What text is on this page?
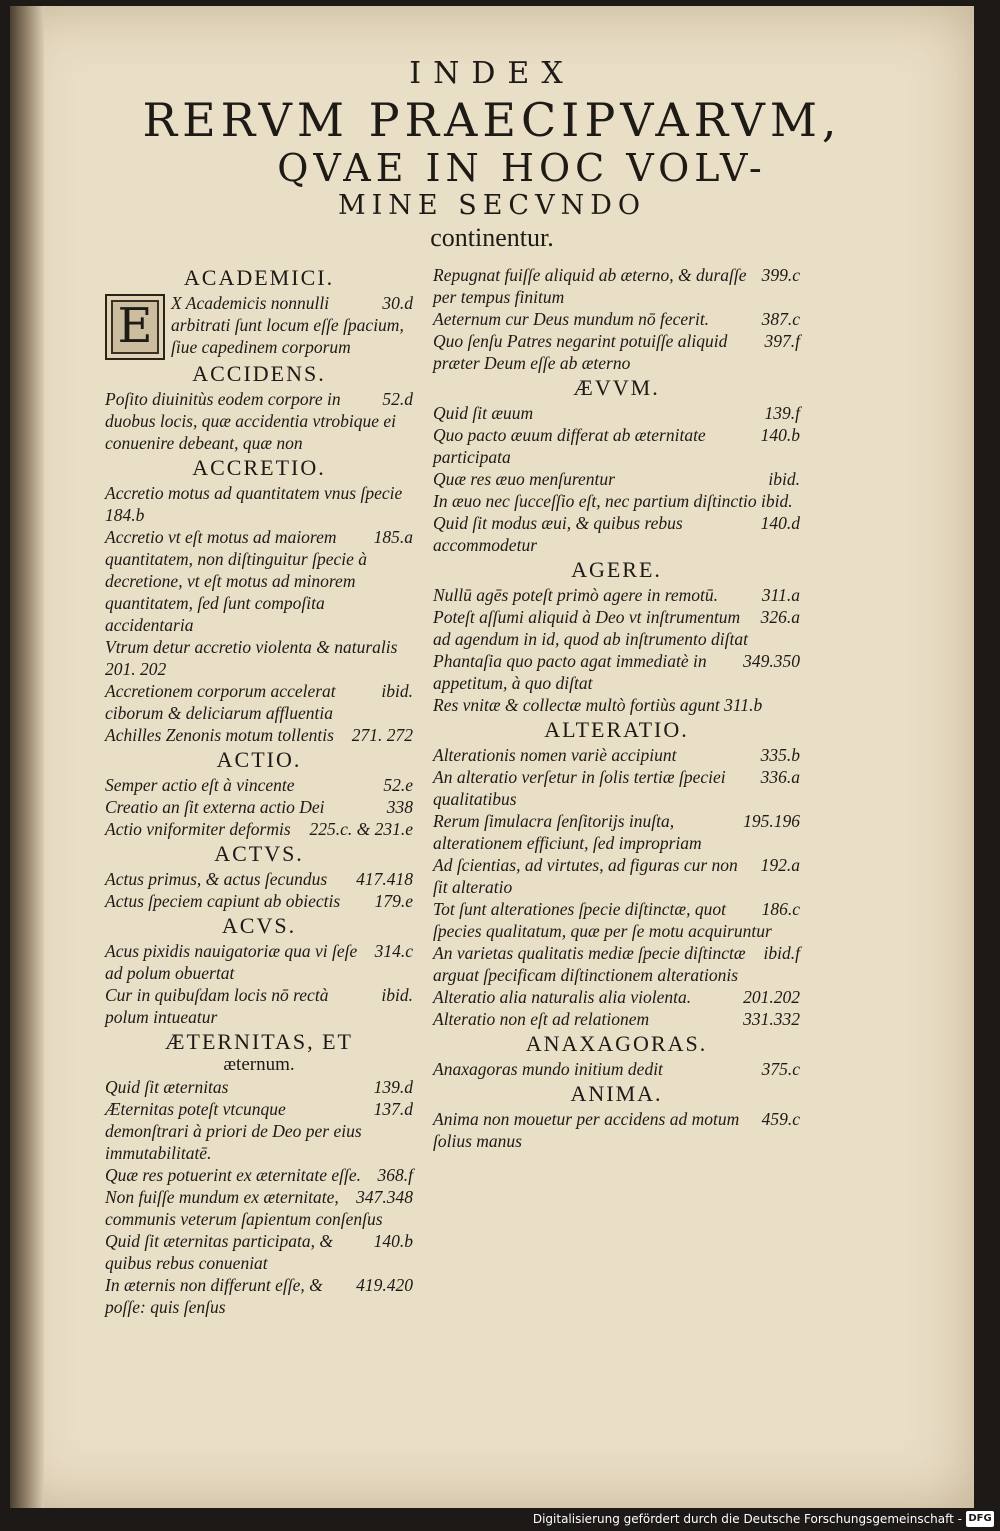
INDEX
RERVM PRAECIPVARVM,
QVAE IN HOC VOLV-
MINE SECVNDO
continentur.
ACADEMICI.
E	30.d
X Academicis nonnulli arbitrati ſunt locum eſſe ſpacium, ſiue capedinem corporum
ACCIDENS.
52.d
Poſito diuinitùs eodem corpore in duobus locis, quæ accidentia vtrobique ei conuenire debeant, quæ non
ACCRETIO.
Accretio motus ad quantitatem vnus ſpecie 184.b
185.a
Accretio vt eſt motus ad maiorem quantitatem, non diſtinguitur ſpecie à decretione, vt eſt motus ad minorem quantitatem, ſed ſunt compoſita accidentaria
Vtrum detur accretio violenta & naturalis 201. 202
ibid.
Accretionem corporum accelerat ciborum & deliciarum affluentia
271. 272
Achilles Zenonis motum tollentis
ACTIO.
52.e
Semper actio eſt à vincente
338
Creatio an ſit externa actio Dei
225.c. & 231.e
Actio vniformiter deformis
ACTVS.
417.418
Actus primus, & actus ſecundus
179.e
Actus ſpeciem capiunt ab obiectis
ACVS.
314.c
Acus pixidis nauigatoriæ qua vi ſeſe ad polum obuertat
ibid.
Cur in quibuſdam locis nō rectà polum intueatur
ÆTERNITAS, ET
æternum.
139.d
Quid ſit æternitas
137.d
Æternitas poteſt vtcunque demonſtrari à priori de Deo per eius immutabilitatē.
368.f
Quæ res potuerint ex æternitate eſſe.
347.348
Non fuiſſe mundum ex æternitate, communis veterum ſapientum conſenſus
140.b
Quid ſit æternitas participata, & quibus rebus conueniat
419.420
In æternis non differunt eſſe, & poſſe: quis ſenſus
399.c
Repugnat fuiſſe aliquid ab æterno, & duraſſe per tempus finitum
387.c
Aeternum cur Deus mundum nō fecerit.
397.f
Quo ſenſu Patres negarint potuiſſe aliquid præter Deum eſſe ab æterno
ÆVVM.
139.f
Quid ſit æuum
140.b
Quo pacto æuum differat ab æternitate participata
ibid.
Quæ res æuo menſurentur
In æuo nec ſucceſſio eſt, nec partium diſtinctio ibid.
140.d
Quid ſit modus æui, & quibus rebus accommodetur
AGERE.
311.a
Nullū agēs poteſt primò agere in remotū.
326.a
Poteſt aſſumi aliquid à Deo vt inſtrumentum ad agendum in id, quod ab inſtrumento diſtat
349.350
Phantaſia quo pacto agat immediatè in appetitum, à quo diſtat
Res vnitæ & collectæ multò fortiùs agunt 311.b
ALTERATIO.
335.b
Alterationis nomen variè accipiunt
336.a
An alteratio verſetur in ſolis tertiæ ſpeciei qualitatibus
195.196
Rerum ſimulacra ſenſitorijs inuſta, alterationem efficiunt, ſed impropriam
192.a
Ad ſcientias, ad virtutes, ad figuras cur non ſit alteratio
186.c
Tot ſunt alterationes ſpecie diſtinctæ, quot ſpecies qualitatum, quæ per ſe motu acquiruntur
ibid.f
An varietas qualitatis mediæ ſpecie diſtinctæ arguat ſpecificam diſtinctionem alterationis
201.202
Alteratio alia naturalis alia violenta.
331.332
Alteratio non eſt ad relationem
ANAXAGORAS.
375.c
Anaxagoras mundo initium dedit
ANIMA.
459.c
Anima non mouetur per accidens ad motum ſolius manus
Digitalisierung gefördert durch die Deutsche Forschungsgemeinschaft - DFG
